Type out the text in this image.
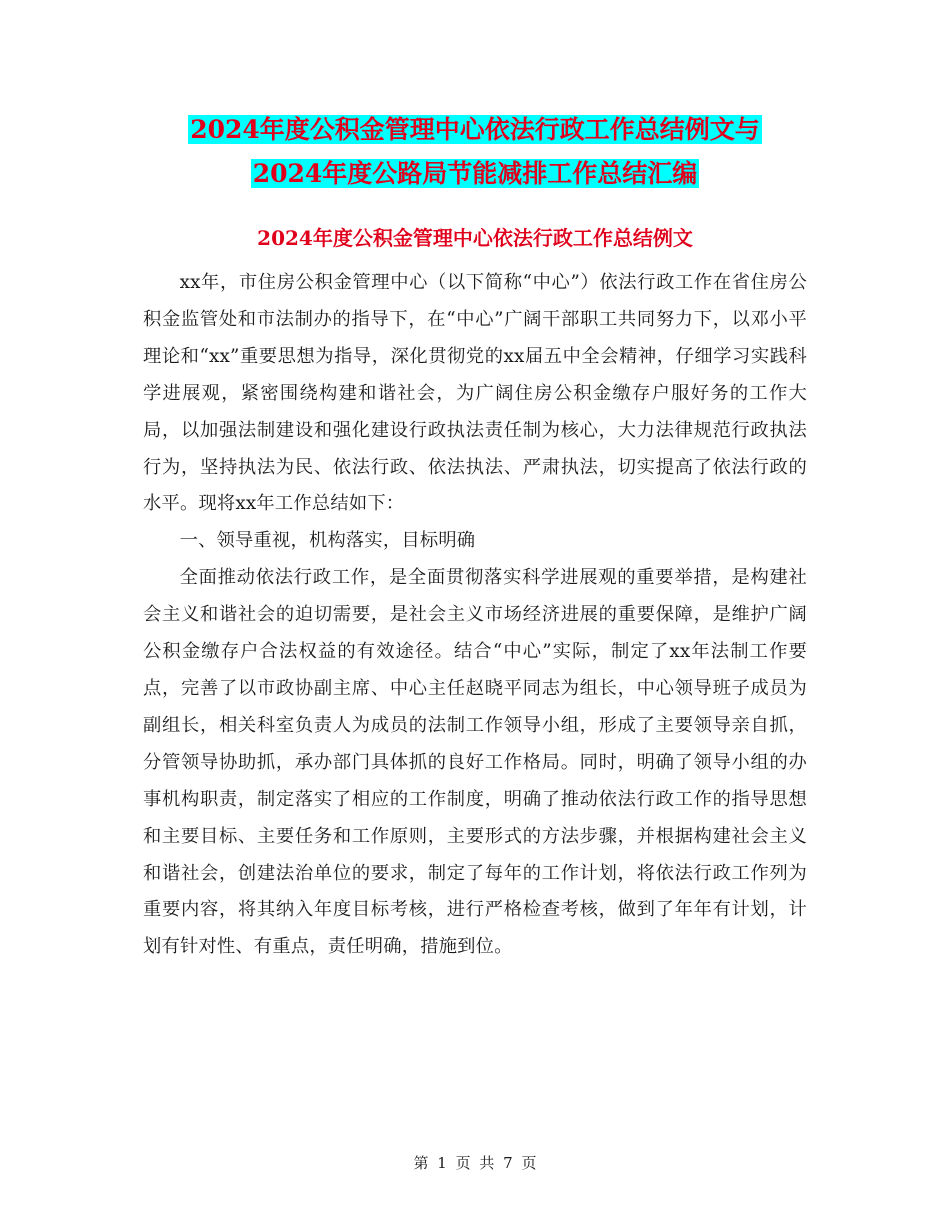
2024年度公积金管理中心依法行政工作总结例文与
2024年度公路局节能减排工作总结汇编
2024年度公积金管理中心依法行政工作总结例文

xx年，市住房公积金管理中心（以下简称“中心”）依法行政工作在省住房公积金监管处和市法制办的指导下，在“中心”广阔干部职工共同努力下，以邓小平理论和“xx”重要思想为指导，深化贯彻党的xx届五中全会精神，仔细学习实践科学进展观，紧密围绕构建和谐社会，为广阔住房公积金缴存户服好务的工作大局，以加强法制建设和强化建设行政执法责任制为核心，大力法律规范行政执法行为，坚持执法为民、依法行政、依法执法、严肃执法，切实提高了依法行政的水平。现将xx年工作总结如下：

一、领导重视，机构落实，目标明确

全面推动依法行政工作，是全面贯彻落实科学进展观的重要举措，是构建社会主义和谐社会的迫切需要，是社会主义市场经济进展的重要保障，是维护广阔公积金缴存户合法权益的有效途径。结合“中心”实际，制定了xx年法制工作要点，完善了以市政协副主席、中心主任赵晓平同志为组长，中心领导班子成员为副组长，相关科室负责人为成员的法制工作领导小组，形成了主要领导亲自抓，分管领导协助抓，承办部门具体抓的良好工作格局。同时，明确了领导小组的办事机构职责，制定落实了相应的工作制度，明确了推动依法行政工作的指导思想和主要目标、主要任务和工作原则，主要形式的方法步骤，并根据构建社会主义和谐社会，创建法治单位的要求，制定了每年的工作计划，将依法行政工作列为重要内容，将其纳入年度目标考核，进行严格检查考核，做到了年年有计划，计划有针对性、有重点，责任明确，措施到位。

第 1 页 共 7 页
